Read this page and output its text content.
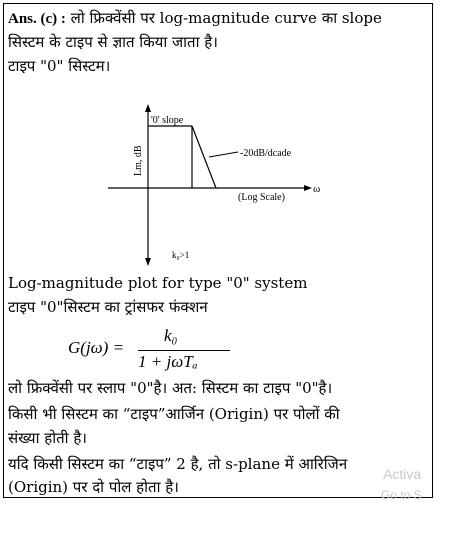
Ans. (c) : लो फ्रिक्वेंसी पर log-magnitude curve का slope
सिस्टम के टाइप से ज्ञात किया जाता है।
टाइप "0" सिस्टम।
'0' slope
-20dB/dcade
Lm, dB
(Log Scale)
ω
k₀>1
Log-magnitude plot for type "0" system
टाइप "0"सिस्टम का ट्रांसफर फंक्शन
G(jω) =
k₀
1 + jωTₐ
लो फ्रिक्वेंसी पर स्लाप "0"है। अत: सिस्टम का टाइप "0"है।
किसी भी सिस्टम का “टाइप”आर्जिन (Origin) पर पोलों की
संख्या होती है।
यदि किसी सिस्टम का “टाइप” 2 है, तो s-plane में आरिजिन
(Origin) पर दो पोल होता है।
Activa
Go to S
